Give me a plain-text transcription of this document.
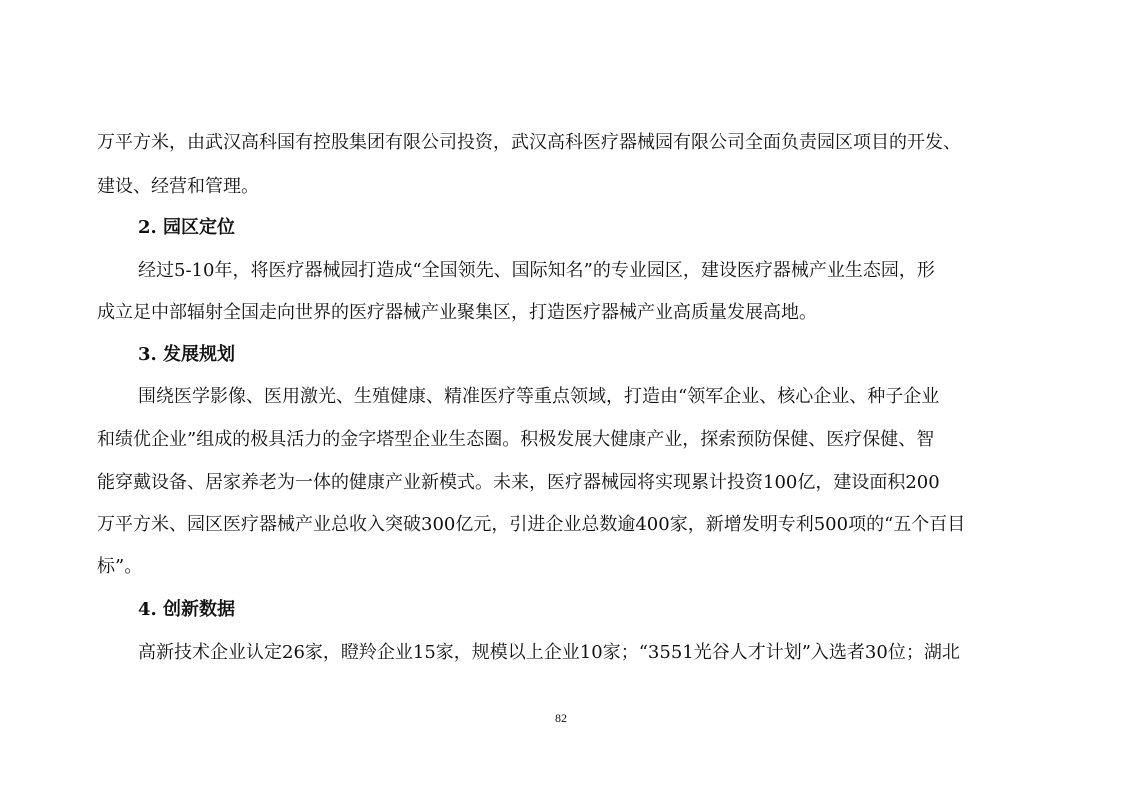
万平方米，由武汉高科国有控股集团有限公司投资，武汉高科医疗器械园有限公司全面负责园区项目的开发、
建设、经营和管理。
2. 园区定位
经过5-10年，将医疗器械园打造成“全国领先、国际知名”的专业园区，建设医疗器械产业生态园，形
成立足中部辐射全国走向世界的医疗器械产业聚集区，打造医疗器械产业高质量发展高地。
3. 发展规划
围绕医学影像、医用激光、生殖健康、精准医疗等重点领域，打造由“领军企业、核心企业、种子企业
和绩优企业”组成的极具活力的金字塔型企业生态圈。积极发展大健康产业，探索预防保健、医疗保健、智
能穿戴设备、居家养老为一体的健康产业新模式。未来，医疗器械园将实现累计投资100亿，建设面积200
万平方米、园区医疗器械产业总收入突破300亿元，引进企业总数逾400家，新增发明专利500项的“五个百目
标”。
4. 创新数据
高新技术企业认定26家，瞪羚企业15家，规模以上企业10家；“3551光谷人才计划”入选者30位；湖北
82
